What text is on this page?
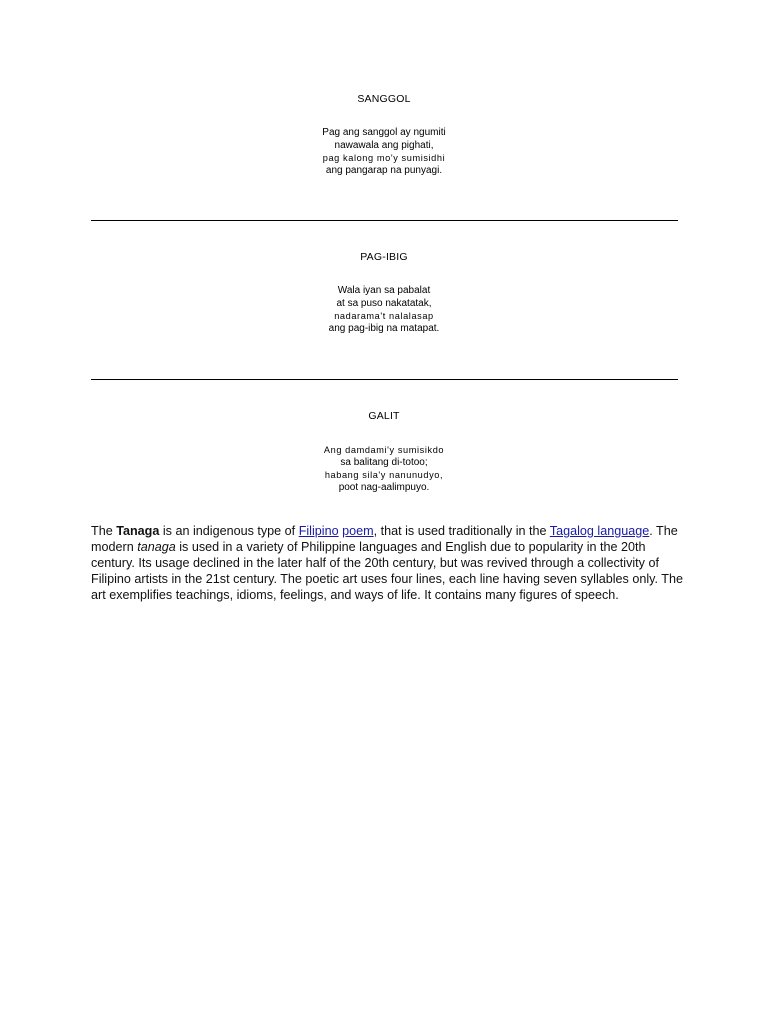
SANGGOL
Pag ang sanggol ay ngumiti
nawawala ang pighati,
pag kalong mo'y sumisidhi
ang pangarap na punyagi.
PAG-IBIG
Wala iyan sa pabalat
at sa puso nakatatak,
nadarama't nalalasap
ang pag-ibig na matapat.
GALIT
Ang damdami'y sumisikdo
sa balitang di-totoo;
habang sila'y nanunudyo,
poot nag-aalimpuyo.

The Tanaga is an indigenous type of Filipino poem, that is used traditionally in the Tagalog language. The modern tanaga is used in a variety of Philippine languages and English due to popularity in the 20th century. Its usage declined in the later half of the 20th century, but was revived through a collectivity of Filipino artists in the 21st century. The poetic art uses four lines, each line having seven syllables only. The art exemplifies teachings, idioms, feelings, and ways of life. It contains many figures of speech.
